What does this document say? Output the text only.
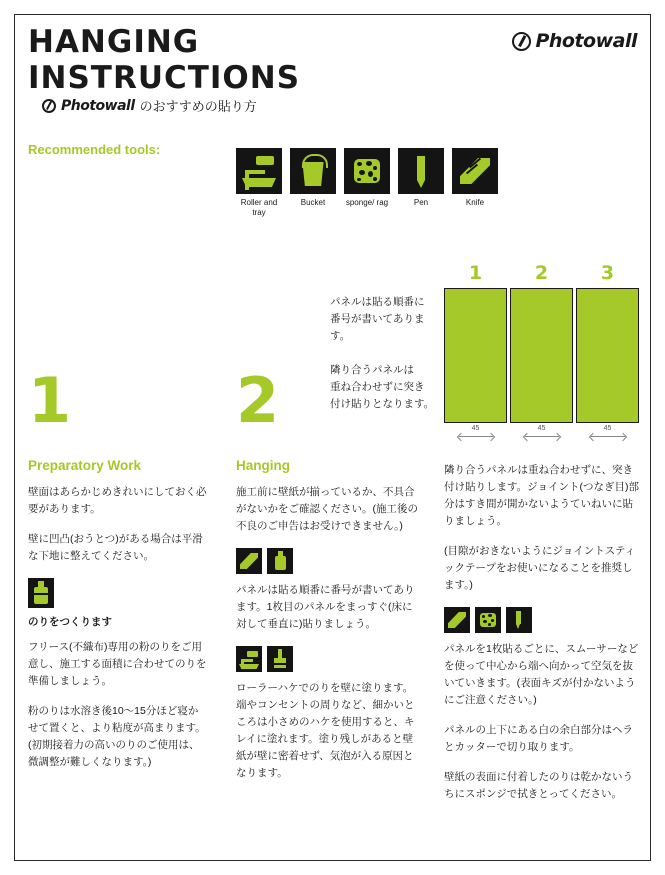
HANGING
INSTRUCTIONS
Photowall
Photowall のおすすめの貼り方
Recommended tools:
Roller and tray
Bucket	sponge/ rag	Pen	Knife
1	2	3
45	45	45
パネルは貼る順番に
番号が書いてあります。
隣り合うパネルは
重ね合わせずに突き
付け貼りとなります。
1	2
Preparatory Work	Hanging

壁面はあらかじめきれいにしておく必要があります。

壁に凹凸(おうとつ)がある場合は平滑な下地に整えてください。

のりをつくります

フリース(不織布)専用の粉のりをご用意し、施工する面積に合わせてのりを準備しましょう。

粉のりは水溶き後10〜15分ほど寝かせて置くと、より粘度が高まります。(初期接着力の高いのりのご使用は、微調整が難しくなります。)

施工前に壁紙が揃っているか、不具合がないかをご確認ください。(施工後の不良のご申告はお受けできません。)

パネルは貼る順番に番号が書いてあります。1枚目のパネルをまっすぐ(床に対して垂直に)貼りましょう。

ローラーハケでのりを壁に塗ります。端やコンセントの周りなど、細かいところは小さめのハケを使用すると、キレイに塗れます。塗り残しがあると壁紙が壁に密着せず、気泡が入る原因となります。

隣り合うパネルは重ね合わせずに、突き付け貼りします。ジョイント(つなぎ目)部分はすき間が開かないようていねいに貼りましょう。

(目隙がおきないようにジョイントスティックテープをお使いになることを推奨します。)

パネルを1枚貼るごとに、スムーサーなどを使って中心から端へ向かって空気を抜いていきます。(表面キズが付かないようにご注意ください。)

パネルの上下にある白の余白部分はヘラとカッターで切り取ります。

壁紙の表面に付着したのりは乾かないうちにスポンジで拭きとってください。
